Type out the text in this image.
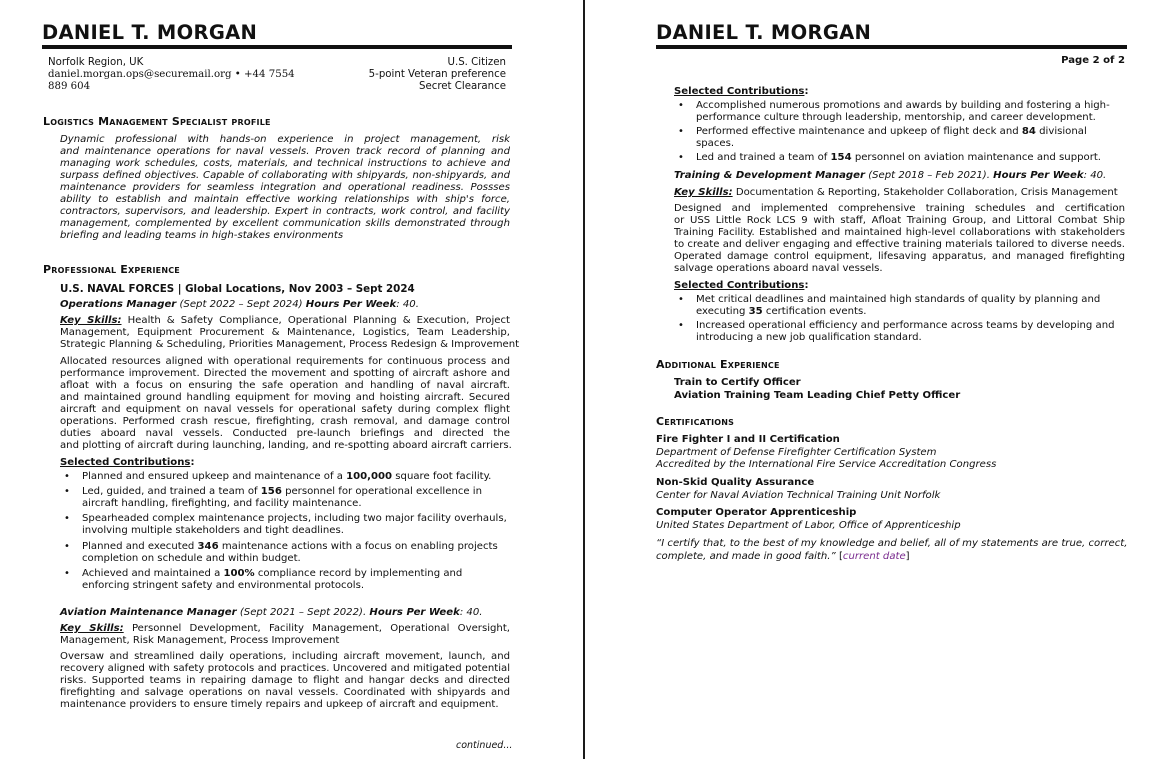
DANIEL T. MORGAN
Norfolk Region, UK
daniel.morgan.ops@securemail.org • +44 7554
889 604
U.S. Citizen
5-point Veteran preference
Secret Clearance
Logistics Management Specialist profile
Dynamic professional with hands-on experience in project management, risk
and maintenance operations for naval vessels. Proven track record of planning and
managing work schedules, costs, materials, and technical instructions to achieve and
surpass defined objectives. Capable of collaborating with shipyards, non-shipyards, and
maintenance providers for seamless integration and operational readiness. Possses
ability to establish and maintain effective working relationships with ship's force,
contractors, supervisors, and leadership. Expert in contracts, work control, and facility
management, complemented by excellent communication skills demonstrated through
briefing and leading teams in high-stakes environments
Professional Experience
U.S. NAVAL FORCES | Global Locations, Nov 2003 – Sept 2024
Operations Manager (Sept 2022 – Sept 2024) Hours Per Week: 40.
Key Skills: Health & Safety Compliance, Operational Planning & Execution, Project
Management, Equipment Procurement & Maintenance, Logistics, Team Leadership,
Strategic Planning & Scheduling, Priorities Management, Process Redesign & Improvement
Allocated resources aligned with operational requirements for continuous process and
performance improvement. Directed the movement and spotting of aircraft ashore and
afloat with a focus on ensuring the safe operation and handling of naval aircraft.
and maintained ground handling equipment for moving and hoisting aircraft. Secured
aircraft and equipment on naval vessels for operational safety during complex flight
operations. Performed crash rescue, firefighting, crash removal, and damage control
duties aboard naval vessels. Conducted pre-launch briefings and directed the
and plotting of aircraft during launching, landing, and re-spotting aboard aircraft carriers.
Selected Contributions:
• Planned and ensured upkeep and maintenance of a 100,000 square foot facility.
• Led, guided, and trained a team of 156 personnel for operational excellence in aircraft handling, firefighting, and facility maintenance.
• Spearheaded complex maintenance projects, including two major facility overhauls, involving multiple stakeholders and tight deadlines.
• Planned and executed 346 maintenance actions with a focus on enabling projects completion on schedule and within budget.
• Achieved and maintained a 100% compliance record by implementing and enforcing stringent safety and environmental protocols.
Aviation Maintenance Manager (Sept 2021 – Sept 2022). Hours Per Week: 40.
Key Skills: Personnel Development, Facility Management, Operational Oversight,
Management, Risk Management, Process Improvement
Oversaw and streamlined daily operations, including aircraft movement, launch, and
recovery aligned with safety protocols and practices. Uncovered and mitigated potential
risks. Supported teams in repairing damage to flight and hangar decks and directed
firefighting and salvage operations on naval vessels. Coordinated with shipyards and
maintenance providers to ensure timely repairs and upkeep of aircraft and equipment.
continued...
DANIEL T. MORGAN
Page 2 of 2
Selected Contributions:
• Accomplished numerous promotions and awards by building and fostering a high-performance culture through leadership, mentorship, and career development.
• Performed effective maintenance and upkeep of flight deck and 84 divisional spaces.
• Led and trained a team of 154 personnel on aviation maintenance and support.
Training & Development Manager (Sept 2018 – Feb 2021). Hours Per Week: 40.
Key Skills: Documentation & Reporting, Stakeholder Collaboration, Crisis Management
Designed and implemented comprehensive training schedules and certification
or USS Little Rock LCS 9 with staff, Afloat Training Group, and Littoral Combat Ship
Training Facility. Established and maintained high-level collaborations with stakeholders
to create and deliver engaging and effective training materials tailored to diverse needs.
Operated damage control equipment, lifesaving apparatus, and managed firefighting
salvage operations aboard naval vessels.
Selected Contributions:
• Met critical deadlines and maintained high standards of quality by planning and executing 35 certification events.
• Increased operational efficiency and performance across teams by developing and introducing a new job qualification standard.
Additional Experience
Train to Certify Officer
Aviation Training Team Leading Chief Petty Officer
Certifications
Fire Fighter I and II Certification
Department of Defense Firefighter Certification System
Accredited by the International Fire Service Accreditation Congress
Non-Skid Quality Assurance
Center for Naval Aviation Technical Training Unit Norfolk
Computer Operator Apprenticeship
United States Department of Labor, Office of Apprenticeship
“I certify that, to the best of my knowledge and belief, all of my statements are true, correct,
complete, and made in good faith.” [current date]
